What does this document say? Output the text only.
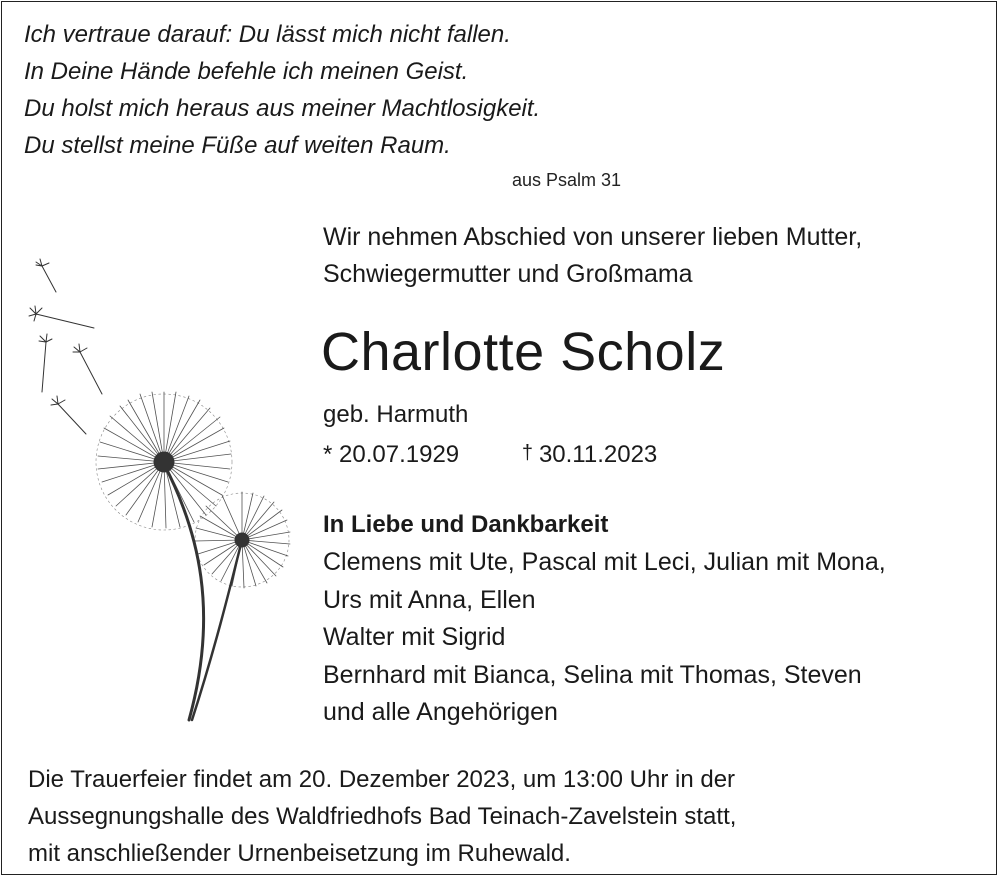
Ich vertraue darauf: Du lässt mich nicht fallen.
In Deine Hände befehle ich meinen Geist.
Du holst mich heraus aus meiner Machtlosigkeit.
Du stellst meine Füße auf weiten Raum.
aus Psalm 31
Wir nehmen Abschied von unserer lieben Mutter,
Schwiegermutter und Großmama
Charlotte Scholz
geb. Harmuth
* 20.07.1929	† 30.11.2023
In Liebe und Dankbarkeit
Clemens mit Ute, Pascal mit Leci, Julian mit Mona,
Urs mit Anna, Ellen
Walter mit Sigrid
Bernhard mit Bianca, Selina mit Thomas, Steven
und alle Angehörigen
Die Trauerfeier findet am 20. Dezember 2023, um 13:00 Uhr in der
Aussegnungshalle des Waldfriedhofs Bad Teinach-Zavelstein statt,
mit anschließender Urnenbeisetzung im Ruhewald.
